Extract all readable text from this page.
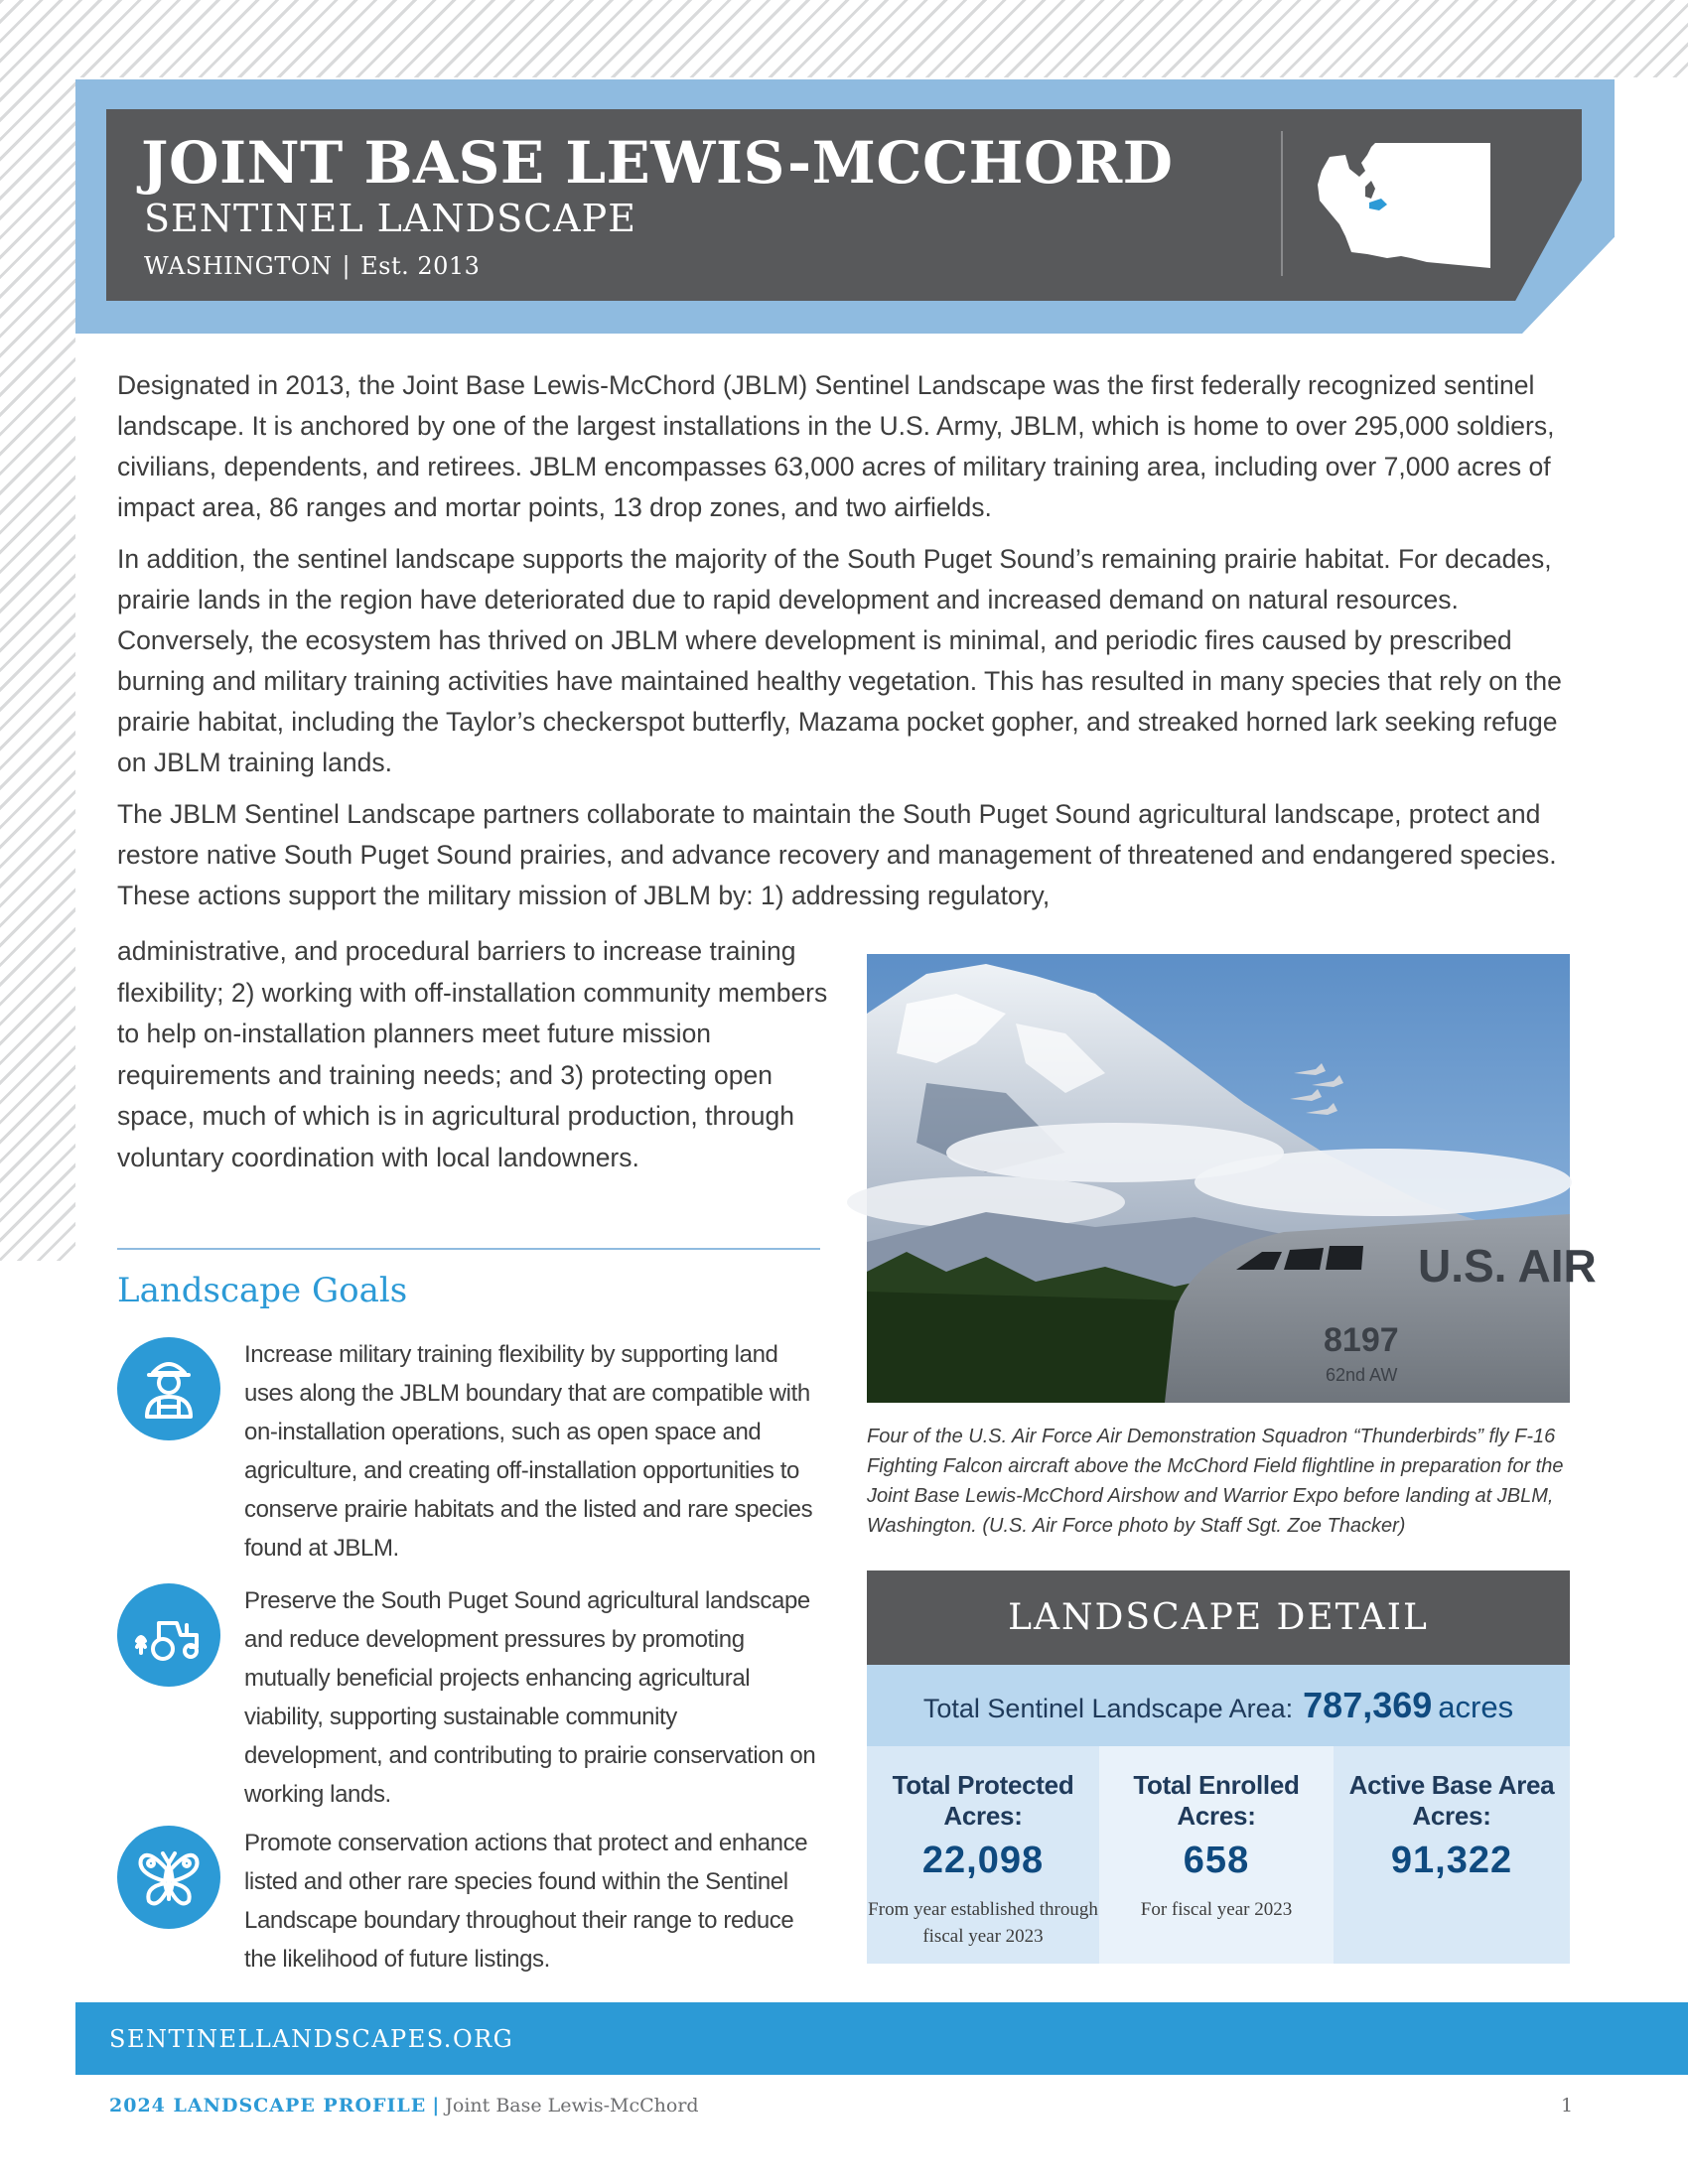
JOINT BASE LEWIS-MCCHORD
SENTINEL LANDSCAPE
WASHINGTON | Est. 2013

Designated in 2013, the Joint Base Lewis-McChord (JBLM) Sentinel Landscape was the first federally recognized sentinel landscape. It is anchored by one of the largest installations in the U.S. Army, JBLM, which is home to over 295,000 soldiers, civilians, dependents, and retirees. JBLM encompasses 63,000 acres of military training area, including over 7,000 acres of impact area, 86 ranges and mortar points, 13 drop zones, and two airfields.

In addition, the sentinel landscape supports the majority of the South Puget Sound’s remaining prairie habitat. For decades, prairie lands in the region have deteriorated due to rapid development and increased demand on natural resources. Conversely, the ecosystem has thrived on JBLM where development is minimal, and periodic fires caused by prescribed burning and military training activities have maintained healthy vegetation. This has resulted in many species that rely on the prairie habitat, including the Taylor’s checkerspot butterfly, Mazama pocket gopher, and streaked horned lark seeking refuge on JBLM training lands.

The JBLM Sentinel Landscape partners collaborate to maintain the South Puget Sound agricultural landscape, protect and restore native South Puget Sound prairies, and advance recovery and management of threatened and endangered species. These actions support the military mission of JBLM by: 1) addressing regulatory,

administrative, and procedural barriers to increase training flexibility; 2) working with off-installation community members to help on-installation planners meet future mission requirements and training needs; and 3) protecting open space, much of which is in agricultural production, through voluntary coordination with local landowners.
U.S. AIR
8197
62nd AW
Four of the U.S. Air Force Air Demonstration Squadron “Thunderbirds” fly F-16 Fighting Falcon aircraft above the McChord Field flightline in preparation for the Joint Base Lewis-McChord Airshow and Warrior Expo before landing at JBLM, Washington. (U.S. Air Force photo by Staff Sgt. Zoe Thacker)
Landscape Goals
Increase military training flexibility by supporting land uses along the JBLM boundary that are compatible with on-installation operations, such as open space and agriculture, and creating off-installation opportunities to conserve prairie habitats and the listed and rare species found at JBLM.
Preserve the South Puget Sound agricultural landscape and reduce development pressures by promoting mutually beneficial projects enhancing agricultural viability, supporting sustainable community development, and contributing to prairie conservation on working lands.
Promote conservation actions that protect and enhance listed and other rare species found within the Sentinel Landscape boundary throughout their range to reduce the likelihood of future listings.
LANDSCAPE DETAIL
Total Sentinel Landscape Area: 787,369 acres
Total Protected Acres:
22,098
From year established through fiscal year 2023
Total Enrolled Acres:
658
For fiscal year 2023
Active Base Area Acres:
91,322
SENTINELLANDSCAPES.ORG
2024 LANDSCAPE PROFILE | Joint Base Lewis-McChord	1
